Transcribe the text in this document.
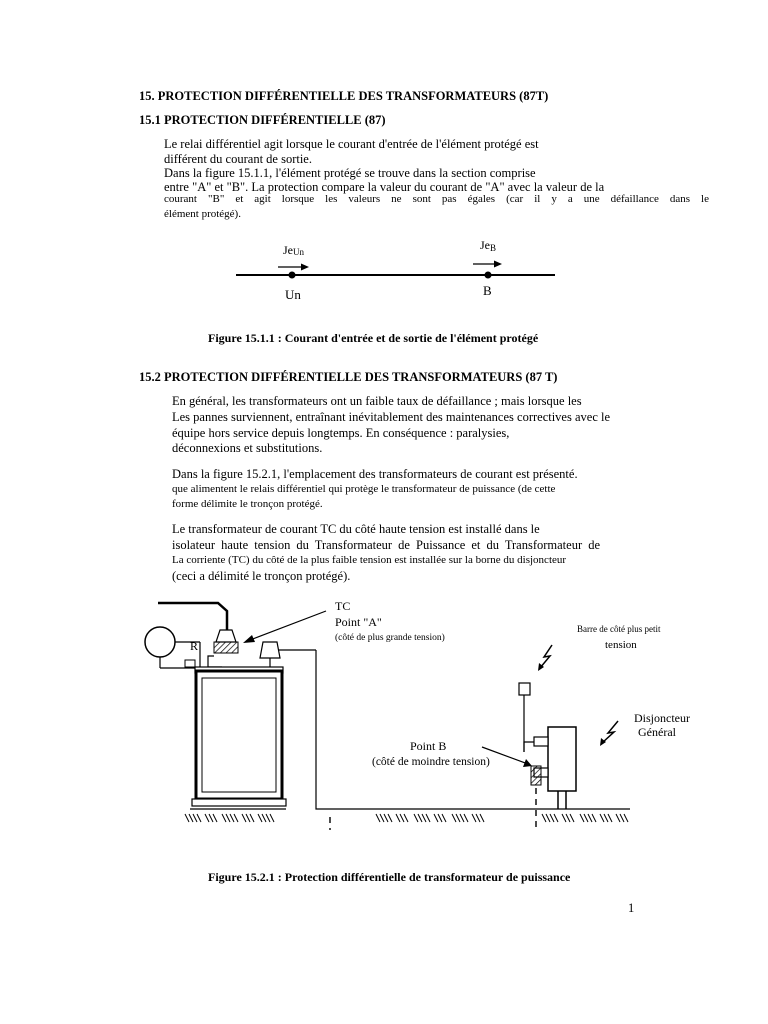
15. PROTECTION DIFFÉRENTIELLE DES TRANSFORMATEURS (87T)
15.1 PROTECTION DIFFÉRENTIELLE (87)
Le relai différentiel agit lorsque le courant d'entrée de l'élément protégé est
différent du courant de sortie.
Dans la figure 15.1.1, l'élément protégé se trouve dans la section comprise
entre "A" et "B". La protection compare la valeur du courant de "A" avec la valeur de la
courant "B" et agit lorsque les valeurs ne sont pas égales (car il y a une défaillance dans le
élément protégé).
JeUn	JeB
Un	B
Figure 15.1.1 : Courant d'entrée et de sortie de l'élément protégé
15.2 PROTECTION DIFFÉRENTIELLE DES TRANSFORMATEURS (87 T)
En général, les transformateurs ont un faible taux de défaillance ; mais lorsque les
Les pannes surviennent, entraînant inévitablement des maintenances correctives avec le
équipe hors service depuis longtemps. En conséquence : paralysies,
déconnexions et substitutions.
Dans la figure 15.2.1, l'emplacement des transformateurs de courant est présenté.
que alimentent le relais différentiel qui protège le transformateur de puissance (de cette
forme délimite le tronçon protégé.
Le transformateur de courant TC du côté haute tension est installé dans le
isolateur haute tension du Transformateur de Puissance et du Transformateur de
La corriente (TC) du côté de la plus faible tension est installée sur la borne du disjoncteur
(ceci a délimité le tronçon protégé).
TC
Point "A"
(côté de plus grande tension)
R
Barre de côté plus petit
tension
Disjoncteur
Général
Point B
(côté de moindre tension)
Figure 15.2.1 : Protection différentielle de transformateur de puissance
1
